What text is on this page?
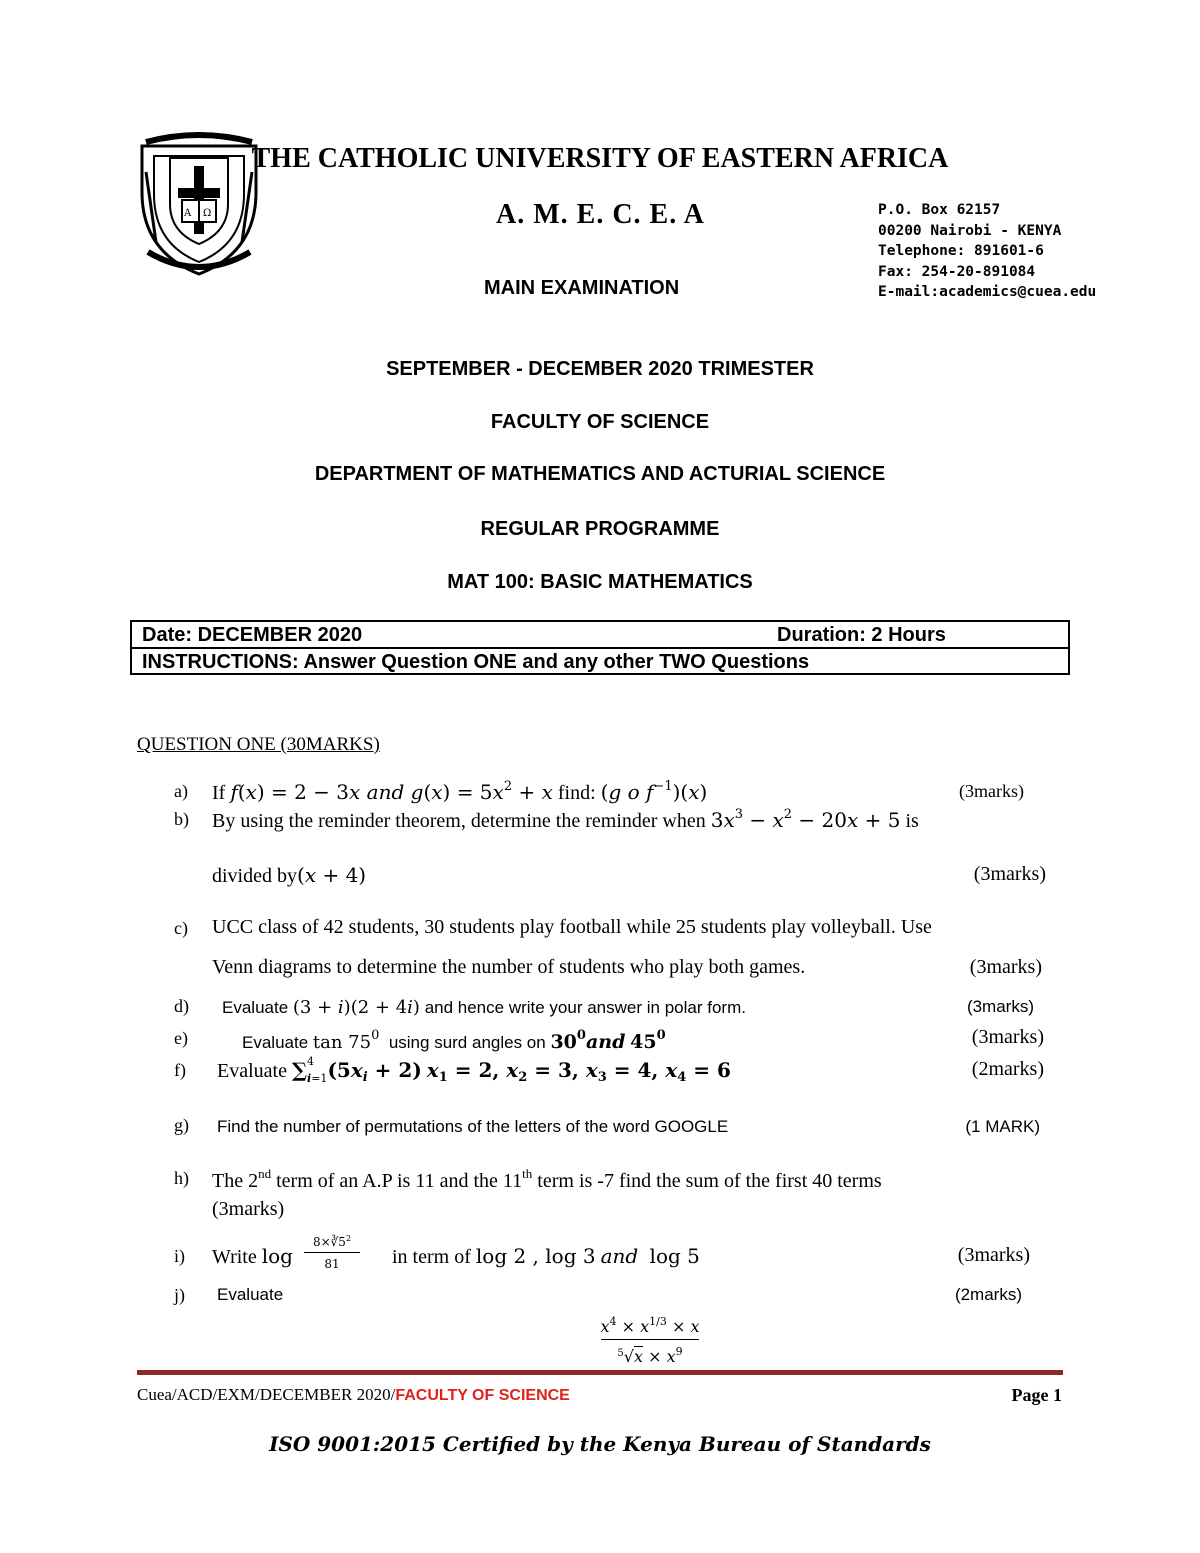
A Ω
THE CATHOLIC UNIVERSITY OF EASTERN AFRICA
A. M. E. C. E. A
MAIN EXAMINATION
P.O. Box 62157
00200 Nairobi - KENYA
Telephone: 891601-6
Fax: 254-20-891084
E-mail:academics@cuea.edu
SEPTEMBER - DECEMBER 2020 TRIMESTER
FACULTY OF SCIENCE
DEPARTMENT OF MATHEMATICS AND ACTURIAL SCIENCE
REGULAR PROGRAMME
MAT 100: BASIC MATHEMATICS
Date: DECEMBER 2020	Duration: 2 Hours
INSTRUCTIONS: Answer Question ONE and any other TWO Questions
QUESTION ONE (30MARKS)
a) If f(x) = 2 − 3x and $g(x) = 5x^2 + x$ find: (g o $f^{-1})(x)$	(3marks)
b) By using the reminder theorem, determine the reminder when $3x^3 - x^2 - 20x + 5$ is
divided by(x + 4)	(3marks)
c) UCC class of 42 students, 30 students play football while 25 students play volleyball. Use
Venn diagrams to determine the number of students who play both games.	(3marks)
d) Evaluate (3 + i)(2 + 4i) and hence write your answer in polar form.	(3marks)
e)	Evaluate $\tan 75^0$ using surd angles on $30^0and$ $45^0$	(3marks)
f) Evaluate ∑ 4
$i=1(5x_i + 2) x_1 = 2$, $x_2 = 3$, $x_3 = 4$, $x_4 = 6$	(2marks)
g) Find the number of permutations of the letters of the word GOOGLE	(1 MARK)
h) The 2nd term of an A.P is 11 and the 11th term is -7 find the sum of the first 40 terms
(3marks)
i) Write log
$8\times∛5^2$
81	in term of log 2 , log 3 and  log 5	(3marks)
j) Evaluate	(2marks)
$x^4 \times x^{1/3} \times x$
$^5√x \times x^9$
Cuea/ACD/EXM/DECEMBER 2020/FACULTY OF SCIENCE	Page 1
ISO 9001:2015 Certified by the Kenya Bureau of Standards
